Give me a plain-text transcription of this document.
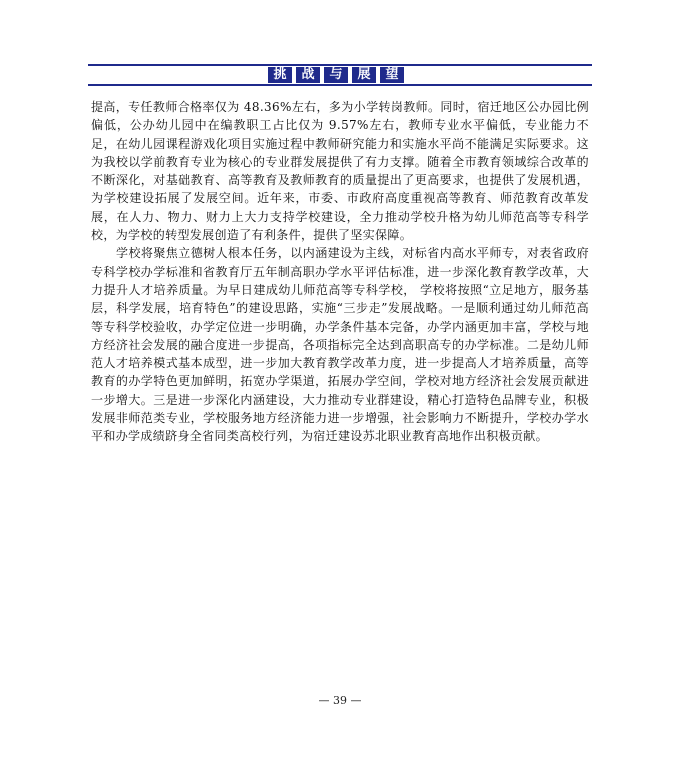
挑	战	与	展	望

提高，专任教师合格率仅为 48.36%左右，多为小学转岗教师。同时，宿迁地区公办园比例偏低，公办幼儿园中在编教职工占比仅为 9.57%左右，教师专业水平偏低，专业能力不足，在幼儿园课程游戏化项目实施过程中教师研究能力和实施水平尚不能满足实际要求。这为我校以学前教育专业为核心的专业群发展提供了有力支撑。随着全市教育领域综合改革的不断深化，对基础教育、高等教育及教师教育的质量提出了更高要求，也提供了发展机遇，为学校建设拓展了发展空间。近年来，市委、市政府高度重视高等教育、师范教育改革发展，在人力、物力、财力上大力支持学校建设，全力推动学校升格为幼儿师范高等专科学校，为学校的转型发展创造了有利条件，提供了坚实保障。

学校将聚焦立德树人根本任务，以内涵建设为主线，对标省内高水平师专，对表省政府专科学校办学标准和省教育厅五年制高职办学水平评估标准，进一步深化教育教学改革，大力提升人才培养质量。为早日建成幼儿师范高等专科学校， 学校将按照“立足地方，服务基层，科学发展，培育特色”的建设思路，实施“三步走”发展战略。一是顺利通过幼儿师范高等专科学校验收，办学定位进一步明确，办学条件基本完备，办学内涵更加丰富，学校与地方经济社会发展的融合度进一步提高，各项指标完全达到高职高专的办学标准。二是幼儿师范人才培养模式基本成型，进一步加大教育教学改革力度，进一步提高人才培养质量，高等教育的办学特色更加鲜明，拓宽办学渠道，拓展办学空间，学校对地方经济社会发展贡献进一步增大。三是进一步深化内涵建设，大力推动专业群建设，精心打造特色品牌专业，积极发展非师范类专业，学校服务地方经济能力进一步增强，社会影响力不断提升，学校办学水平和办学成绩跻身全省同类高校行列，为宿迁建设苏北职业教育高地作出积极贡献。

— 39 —
